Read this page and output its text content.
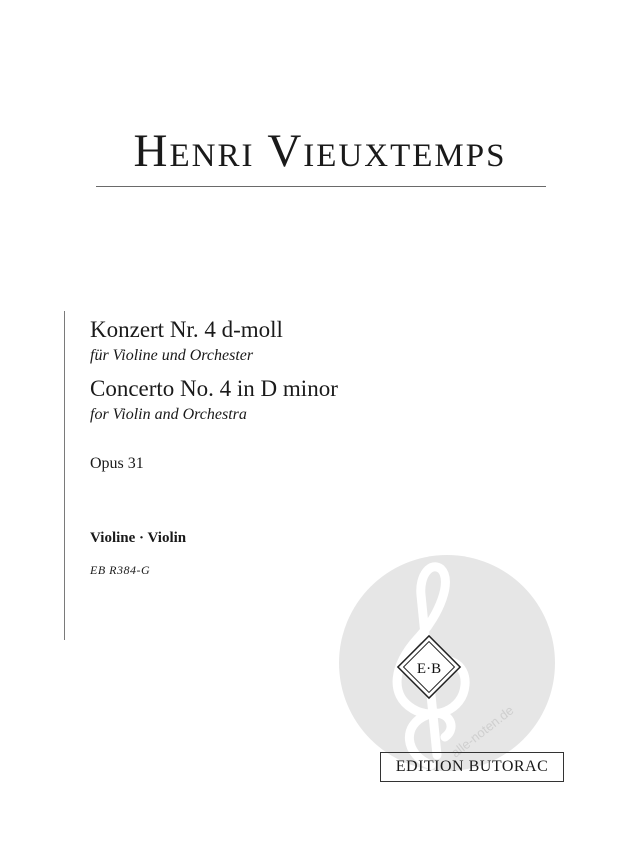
Henri Vieuxtemps
Konzert Nr. 4 d-moll
für Violine und Orchester
Concerto No. 4 in D minor
for Violin and Orchestra
Opus 31
Violine · Violin
EB R384-G
E·B
alle-noten.de
EDITION BUTORAC
